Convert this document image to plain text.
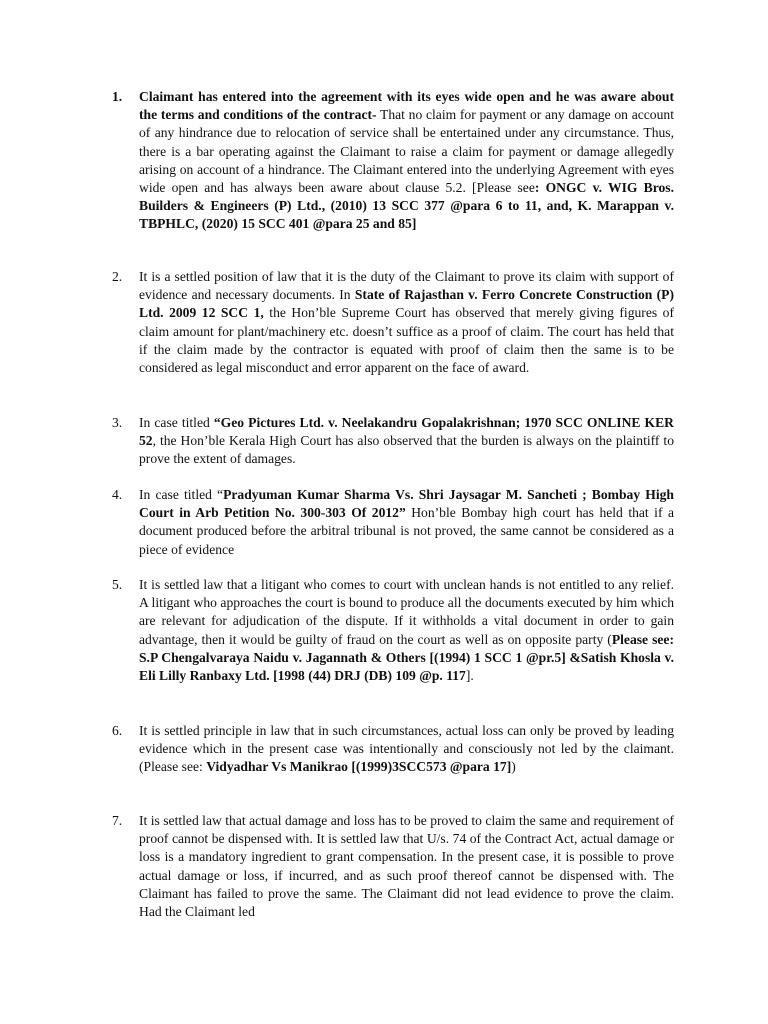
1.	Claimant has entered into the agreement with its eyes wide open and he was aware about the terms and conditions of the contract- That no claim for payment or any damage on account of any hindrance due to relocation of service shall be entertained under any circumstance. Thus, there is a bar operating against the Claimant to raise a claim for payment or damage allegedly arising on account of a hindrance. The Claimant entered into the underlying Agreement with eyes wide open and has always been aware about clause 5.2. [Please see: ONGC v. WIG Bros. Builders & Engineers (P) Ltd., (2010) 13 SCC 377 @para 6 to 11, and, K. Marappan v. TBPHLC, (2020) 15 SCC 401 @para 25 and 85]
2.	It is a settled position of law that it is the duty of the Claimant to prove its claim with support of evidence and necessary documents. In State of Rajasthan v. Ferro Concrete Construction (P) Ltd. 2009 12 SCC 1, the Hon’ble Supreme Court has observed that merely giving figures of claim amount for plant/machinery etc. doesn’t suffice as a proof of claim. The court has held that if the claim made by the contractor is equated with proof of claim then the same is to be considered as legal misconduct and error apparent on the face of award.
3.	In case titled “Geo Pictures Ltd. v. Neelakandru Gopalakrishnan; 1970 SCC ONLINE KER 52, the Hon’ble Kerala High Court has also observed that the burden is always on the plaintiff to prove the extent of damages.
4.	In case titled “Pradyuman Kumar Sharma Vs. Shri Jaysagar M. Sancheti ; Bombay High Court in Arb Petition No. 300-303 Of 2012” Hon’ble Bombay high court has held that if a document produced before the arbitral tribunal is not proved, the same cannot be considered as a piece of evidence
5.	It is settled law that a litigant who comes to court with unclean hands is not entitled to any relief. A litigant who approaches the court is bound to produce all the documents executed by him which are relevant for adjudication of the dispute. If it withholds a vital document in order to gain advantage, then it would be guilty of fraud on the court as well as on opposite party (Please see: S.P Chengalvaraya Naidu v. Jagannath & Others [(1994) 1 SCC 1 @pr.5] &Satish Khosla v. Eli Lilly Ranbaxy Ltd. [1998 (44) DRJ (DB) 109 @p. 117].
6.	It is settled principle in law that in such circumstances, actual loss can only be proved by leading evidence which in the present case was intentionally and consciously not led by the claimant. (Please see: Vidyadhar Vs Manikrao [(1999)3SCC573 @para 17])
7.	It is settled law that actual damage and loss has to be proved to claim the same and requirement of proof cannot be dispensed with. It is settled law that U/s. 74 of the Contract Act, actual damage or loss is a mandatory ingredient to grant compensation. In the present case, it is possible to prove actual damage or loss, if incurred, and as such proof thereof cannot be dispensed with. The Claimant has failed to prove the same. The Claimant did not lead evidence to prove the claim. Had the Claimant led
